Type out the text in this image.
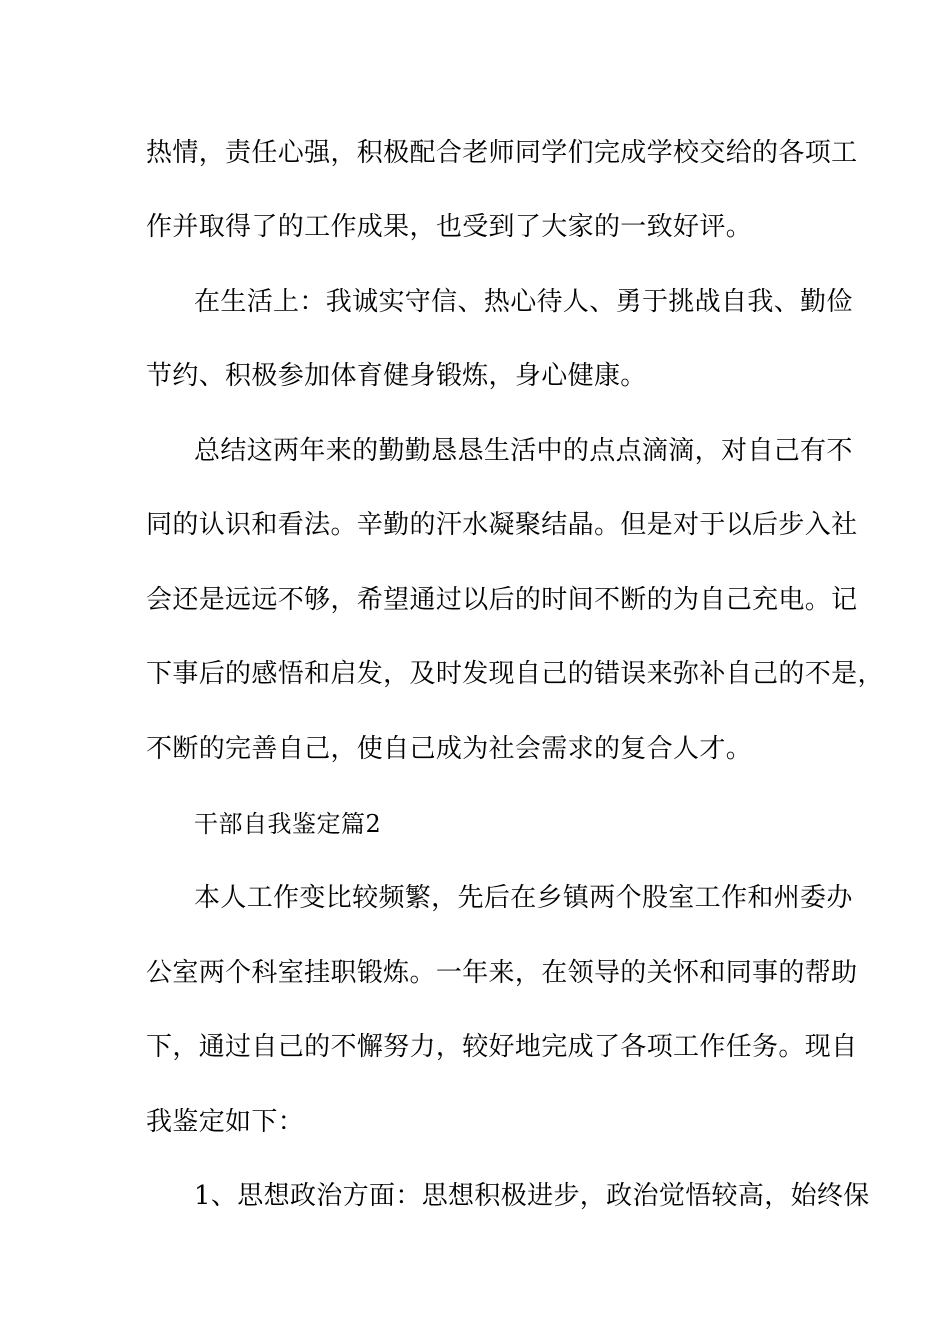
热情，责任心强，积极配合老师同学们完成学校交给的各项工
作并取得了的工作成果，也受到了大家的一致好评。
在生活上：我诚实守信、热心待人、勇于挑战自我、勤俭
节约、积极参加体育健身锻炼，身心健康。
总结这两年来的勤勤恳恳生活中的点点滴滴，对自己有不
同的认识和看法。辛勤的汗水凝聚结晶。但是对于以后步入社
会还是远远不够，希望通过以后的时间不断的为自己充电。记
下事后的感悟和启发，及时发现自己的错误来弥补自己的不是，
不断的完善自己，使自己成为社会需求的复合人才。
干部自我鉴定篇2
本人工作变比较频繁，先后在乡镇两个股室工作和州委办
公室两个科室挂职锻炼。一年来，在领导的关怀和同事的帮助
下，通过自己的不懈努力，较好地完成了各项工作任务。现自
我鉴定如下：
1、思想政治方面：思想积极进步，政治觉悟较高，始终保
